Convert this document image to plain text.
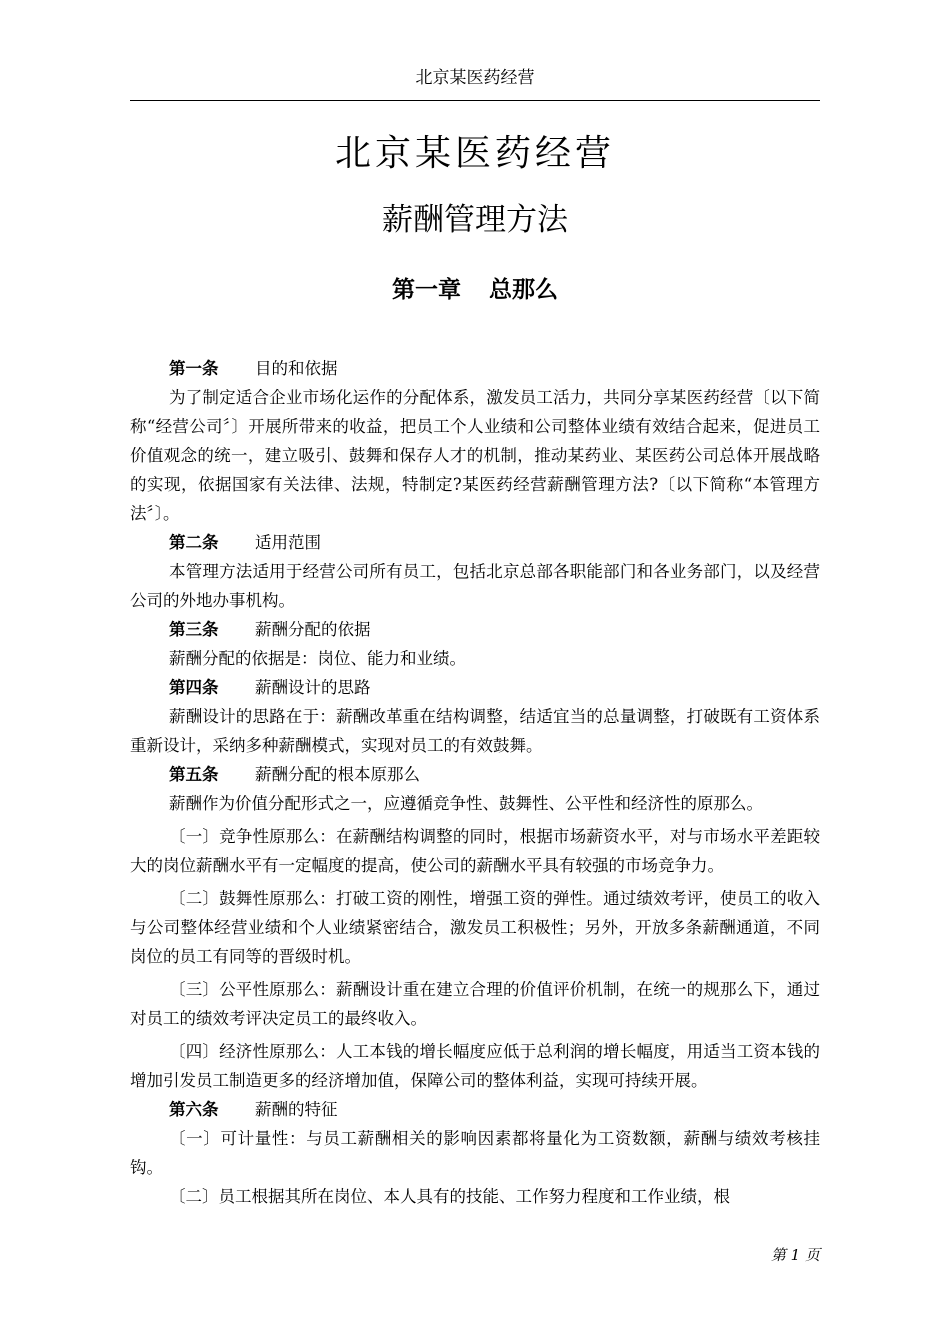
北京某医药经营
北京某医药经营
薪酬管理方法
第一章 总那么

第一条 目的和依据

为了制定适合企业市场化运作的分配体系，激发员工活力，共同分享某医药经营〔以下简称“经营公司〞〕开展所带来的收益，把员工个人业绩和公司整体业绩有效结合起来，促进员工价值观念的统一，建立吸引、鼓舞和保存人才的机制，推动某药业、某医药公司总体开展战略的实现，依据国家有关法律、法规，特制定?某医药经营薪酬管理方法?〔以下简称“本管理方法〞〕。

第二条 适用范围

本管理方法适用于经营公司所有员工，包括北京总部各职能部门和各业务部门，以及经营公司的外地办事机构。

第三条 薪酬分配的依据

薪酬分配的依据是：岗位、能力和业绩。

第四条 薪酬设计的思路

薪酬设计的思路在于：薪酬改革重在结构调整，结适宜当的总量调整，打破既有工资体系重新设计，采纳多种薪酬模式，实现对员工的有效鼓舞。

第五条 薪酬分配的根本原那么

薪酬作为价值分配形式之一，应遵循竞争性、鼓舞性、公平性和经济性的原那么。

〔一〕竞争性原那么：在薪酬结构调整的同时，根据市场薪资水平，对与市场水平差距较大的岗位薪酬水平有一定幅度的提高，使公司的薪酬水平具有较强的市场竞争力。

〔二〕鼓舞性原那么：打破工资的刚性，增强工资的弹性。通过绩效考评，使员工的收入与公司整体经营业绩和个人业绩紧密结合，激发员工积极性；另外，开放多条薪酬通道，不同岗位的员工有同等的晋级时机。

〔三〕公平性原那么：薪酬设计重在建立合理的价值评价机制，在统一的规那么下，通过对员工的绩效考评决定员工的最终收入。

〔四〕经济性原那么：人工本钱的增长幅度应低于总利润的增长幅度，用适当工资本钱的增加引发员工制造更多的经济增加值，保障公司的整体利益，实现可持续开展。

第六条 薪酬的特征

〔一〕可计量性：与员工薪酬相关的影响因素都将量化为工资数额，薪酬与绩效考核挂钩。

〔二〕员工根据其所在岗位、本人具有的技能、工作努力程度和工作业绩，根

第 1 页
